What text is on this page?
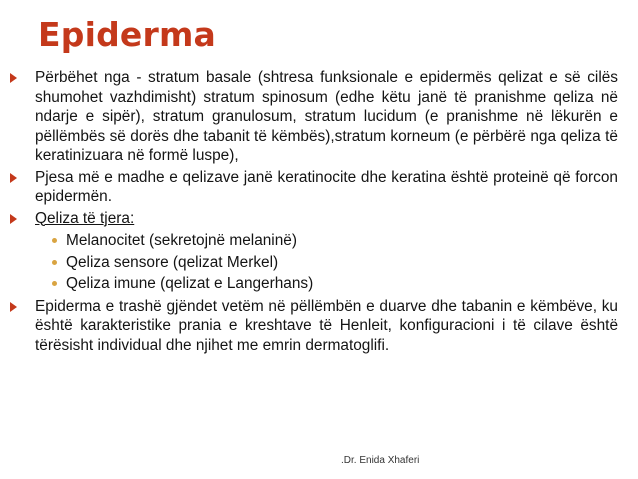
Epiderma
Përbëhet nga - stratum basale (shtresa funksionale e epidermës qelizat e së cilës shumohet vazhdimisht) stratum spinosum (edhe këtu janë të pranishme qeliza në ndarje e sipër), stratum granulosum, stratum lucidum (e pranishme në lëkurën e pëllëmbës së dorës dhe tabanit të këmbës),stratum korneum (e përbërë nga qeliza të keratinizuara në formë luspe),
Pjesa më e madhe e qelizave janë keratinocite dhe keratina është proteinë që forcon epidermën.
Qeliza të tjera:
Melanocitet (sekretojnë melaninë)
Qeliza sensore (qelizat Merkel)
Qeliza imune (qelizat e Langerhans)
Epiderma e trashë gjëndet vetëm në pëllëmbën e duarve dhe tabanin e këmbëve, ku është karakteristike prania e kreshtave të Henleit, konfiguracioni i të cilave është tërësisht individual dhe njihet me emrin dermatoglifi.
.Dr. Enida Xhaferi
